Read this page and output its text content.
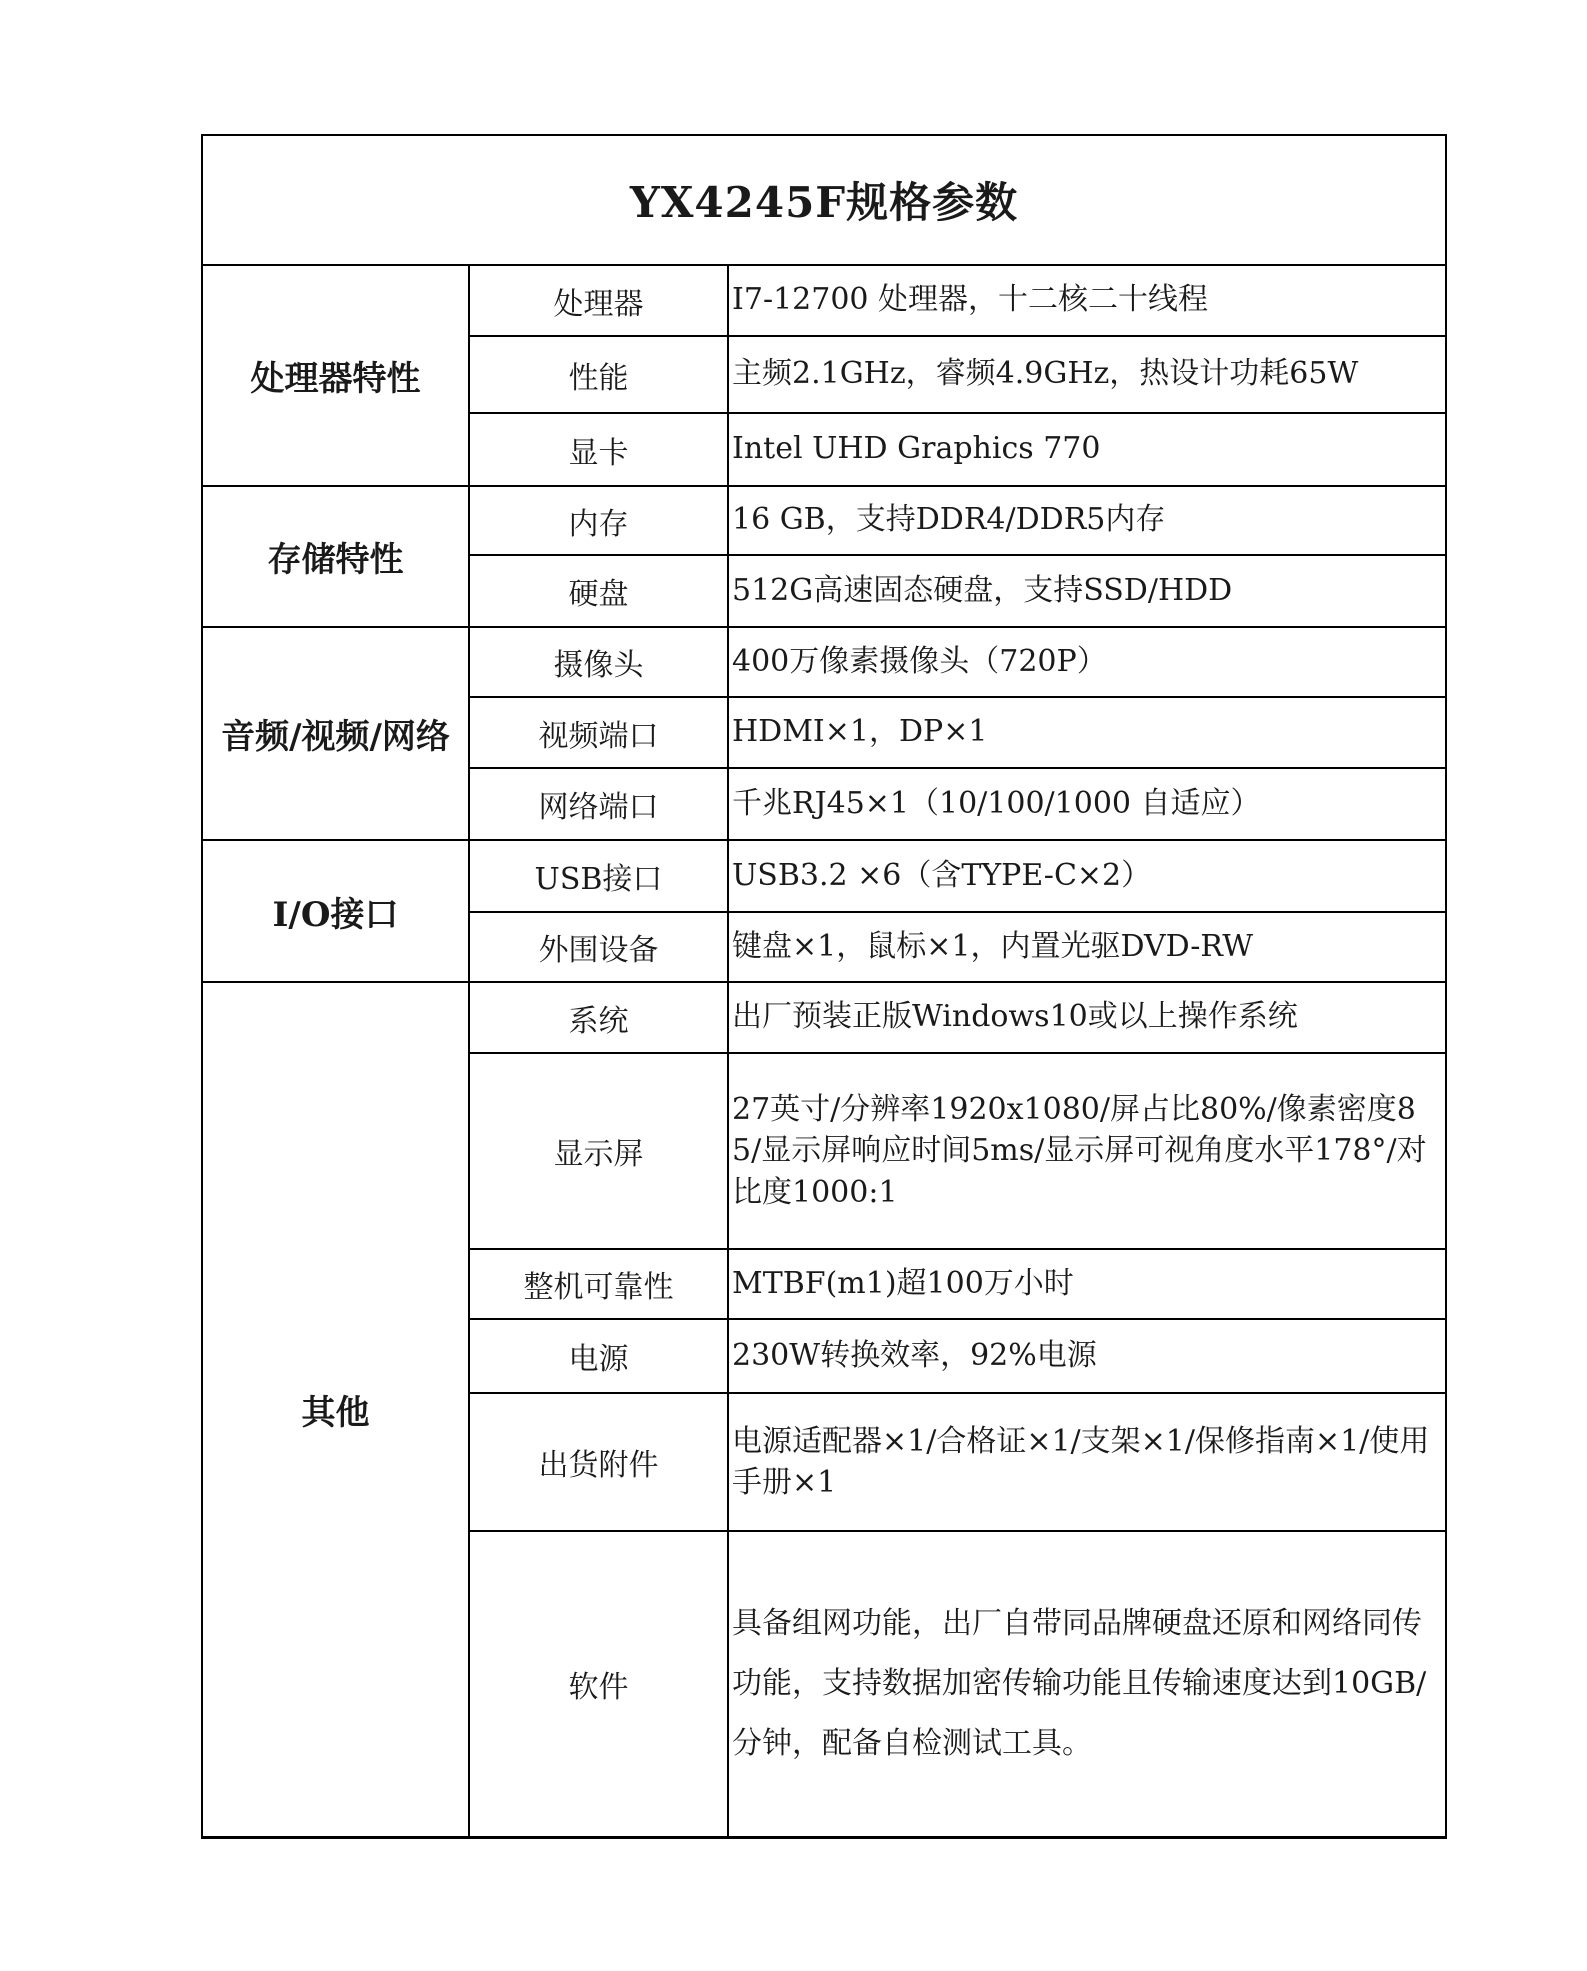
YX4245F规格参数		
处理器特性	处理器	I7-12700 处理器，十二核二十线程
	性能	主频2.1GHz，睿频4.9GHz，热设计功耗65W
	显卡	Intel UHD Graphics 770
存储特性	内存	16 GB，支持DDR4/DDR5内存
	硬盘	512G高速固态硬盘，支持SSD/HDD
音频/视频/网络	摄像头	400万像素摄像头（720P）
	视频端口	HDMI×1，DP×1
	网络端口	千兆RJ45×1（10/100/1000 自适应）
I/O接口	USB接口	USB3.2 ×6（含TYPE-C×2）
	外围设备	键盘×1，鼠标×1，内置光驱DVD-RW
其他	系统	出厂预装正版Windows10或以上操作系统
	显示屏	27英寸/分辨率1920x1080/屏占比80%/像素密度85/显示屏响应时间5ms/显示屏可视角度水平178°/对比度1000:1
	整机可靠性	MTBF(m1)超100万小时
	电源	230W转换效率，92%电源
	出货附件	电源适配器×1/合格证×1/支架×1/保修指南×1/使用手册×1
	软件	具备组网功能，出厂自带同品牌硬盘还原和网络同传功能，支持数据加密传输功能且传输速度达到10GB/分钟，配备自检测试工具。
